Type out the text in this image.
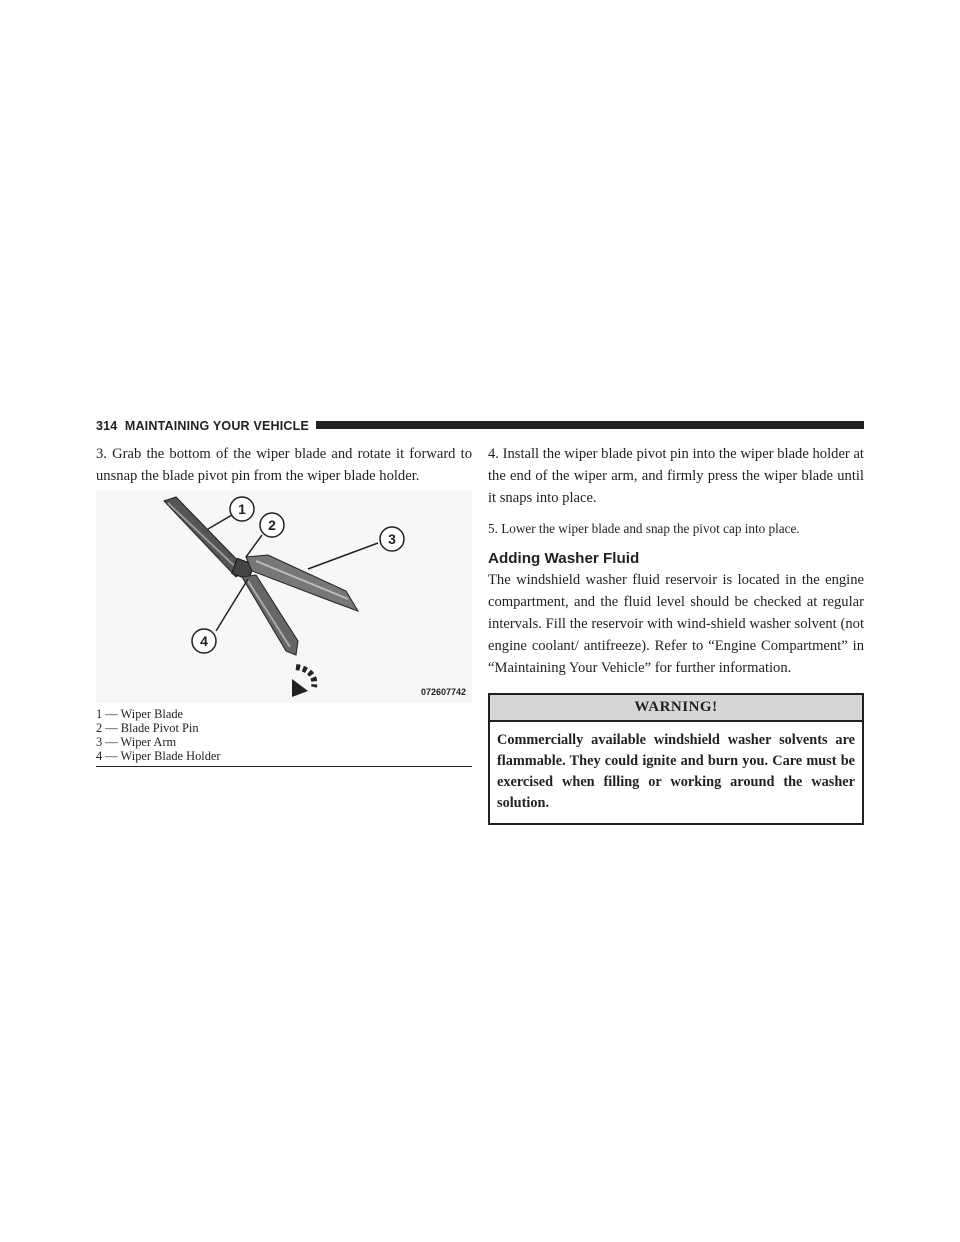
314 MAINTAINING YOUR VEHICLE

3. Grab the bottom of the wiper blade and rotate it forward to unsnap the blade pivot pin from the wiper blade holder.

1
2
3
4
072607742
1 — Wiper Blade
2 — Blade Pivot Pin
3 — Wiper Arm
4 — Wiper Blade Holder

4. Install the wiper blade pivot pin into the wiper blade holder at the end of the wiper arm, and firmly press the wiper blade until it snaps into place.

5. Lower the wiper blade and snap the pivot cap into place.

Adding Washer Fluid

The windshield washer fluid reservoir is located in the engine compartment, and the fluid level should be checked at regular intervals. Fill the reservoir with wind-shield washer solvent (not engine coolant/ antifreeze). Refer to “Engine Compartment” in “Maintaining Your Vehicle” for further information.

WARNING!
Commercially available windshield washer solvents are flammable. They could ignite and burn you. Care must be exercised when filling or working around the washer solution.
